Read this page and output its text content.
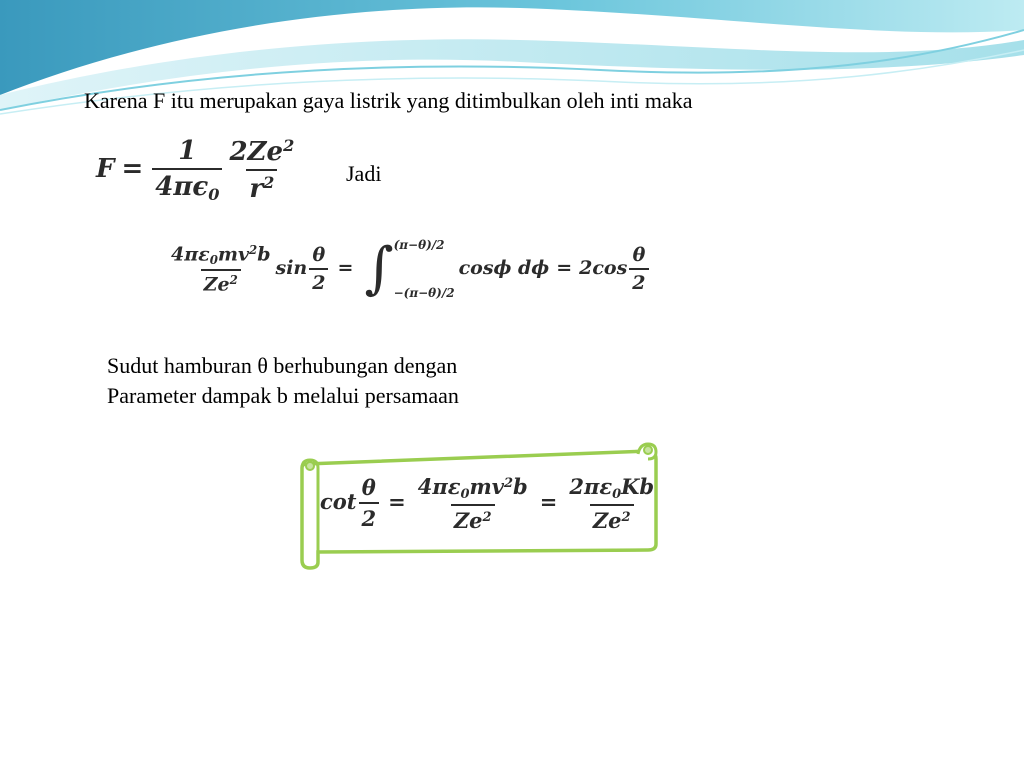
Karena F itu merupakan gaya listrik yang ditimbulkan oleh inti maka
$F = \frac{1}{4\pi\epsilon 0} \frac{2Ze^2}{r^2}$ Jadi
$\frac{4\pi\varepsilon 0mv^2b}{Ze^2}$ $\sin \frac{\theta}{2}$ = ∫ (π−θ)/2
−(π−θ)/2
cosϕ $d\phi = 2\cos \frac{\theta}{2}$
Sudut hamburan θ berhubungan dengan
Parameter dampak b melalui persamaan
$\cot \frac{\theta}{2} = \frac{4\pi\varepsilon 0mv^2b}{Ze^2} = \frac{2\pi\varepsilon 0Kb}{Ze^2}$
